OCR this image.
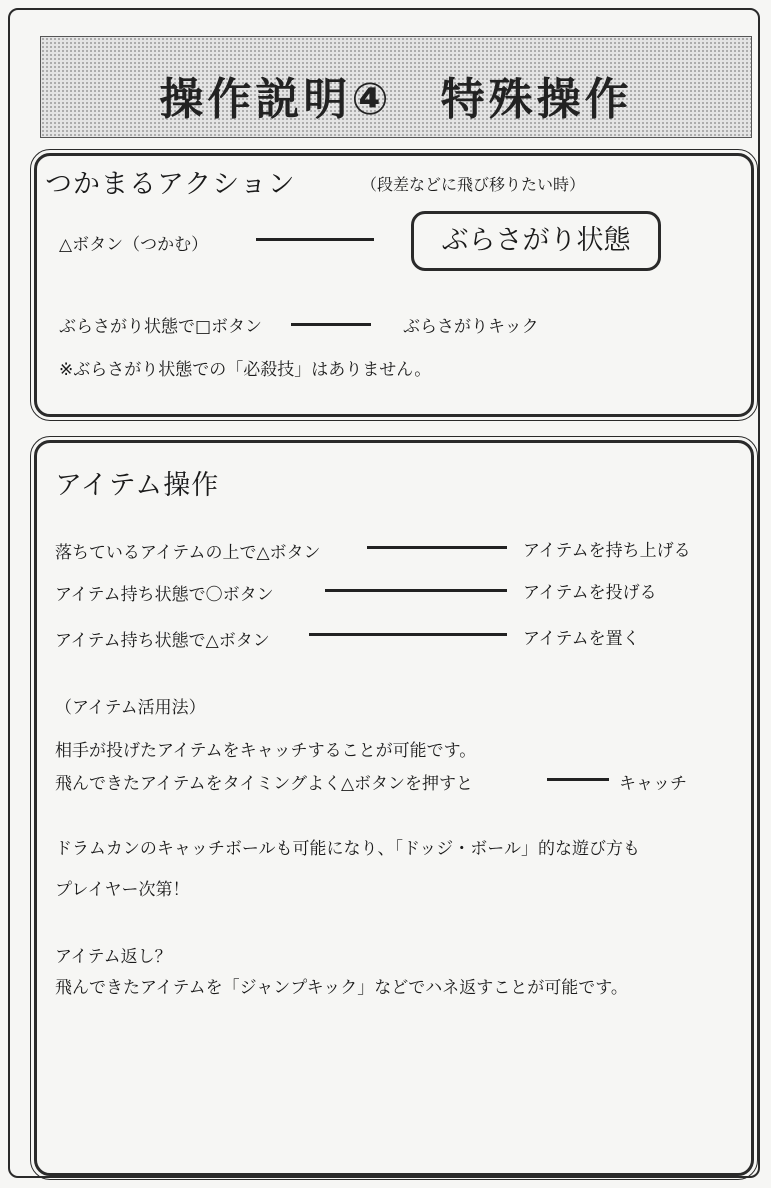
操作説明④　特殊操作
つかまるアクション	（段差などに飛び移りたい時）
△ボタン（つかむ）	ぶらさがり状態
ぶらさがり状態で□ボタン	ぶらさがりキック
※ぶらさがり状態での「必殺技」はありません。
アイテム操作
落ちているアイテムの上で△ボタン	アイテムを持ち上げる
アイテム持ち状態で〇ボタン	アイテムを投げる
アイテム持ち状態で△ボタン	アイテムを置く
（アイテム活用法）
相手が投げたアイテムをキャッチすることが可能です。
飛んできたアイテムをタイミングよく△ボタンを押すと	キャッチ
ドラムカンのキャッチボールも可能になり、「ドッジ・ボール」的な遊び方も
プレイヤー次第！
アイテム返し？
飛んできたアイテムを「ジャンプキック」などでハネ返すことが可能です。
